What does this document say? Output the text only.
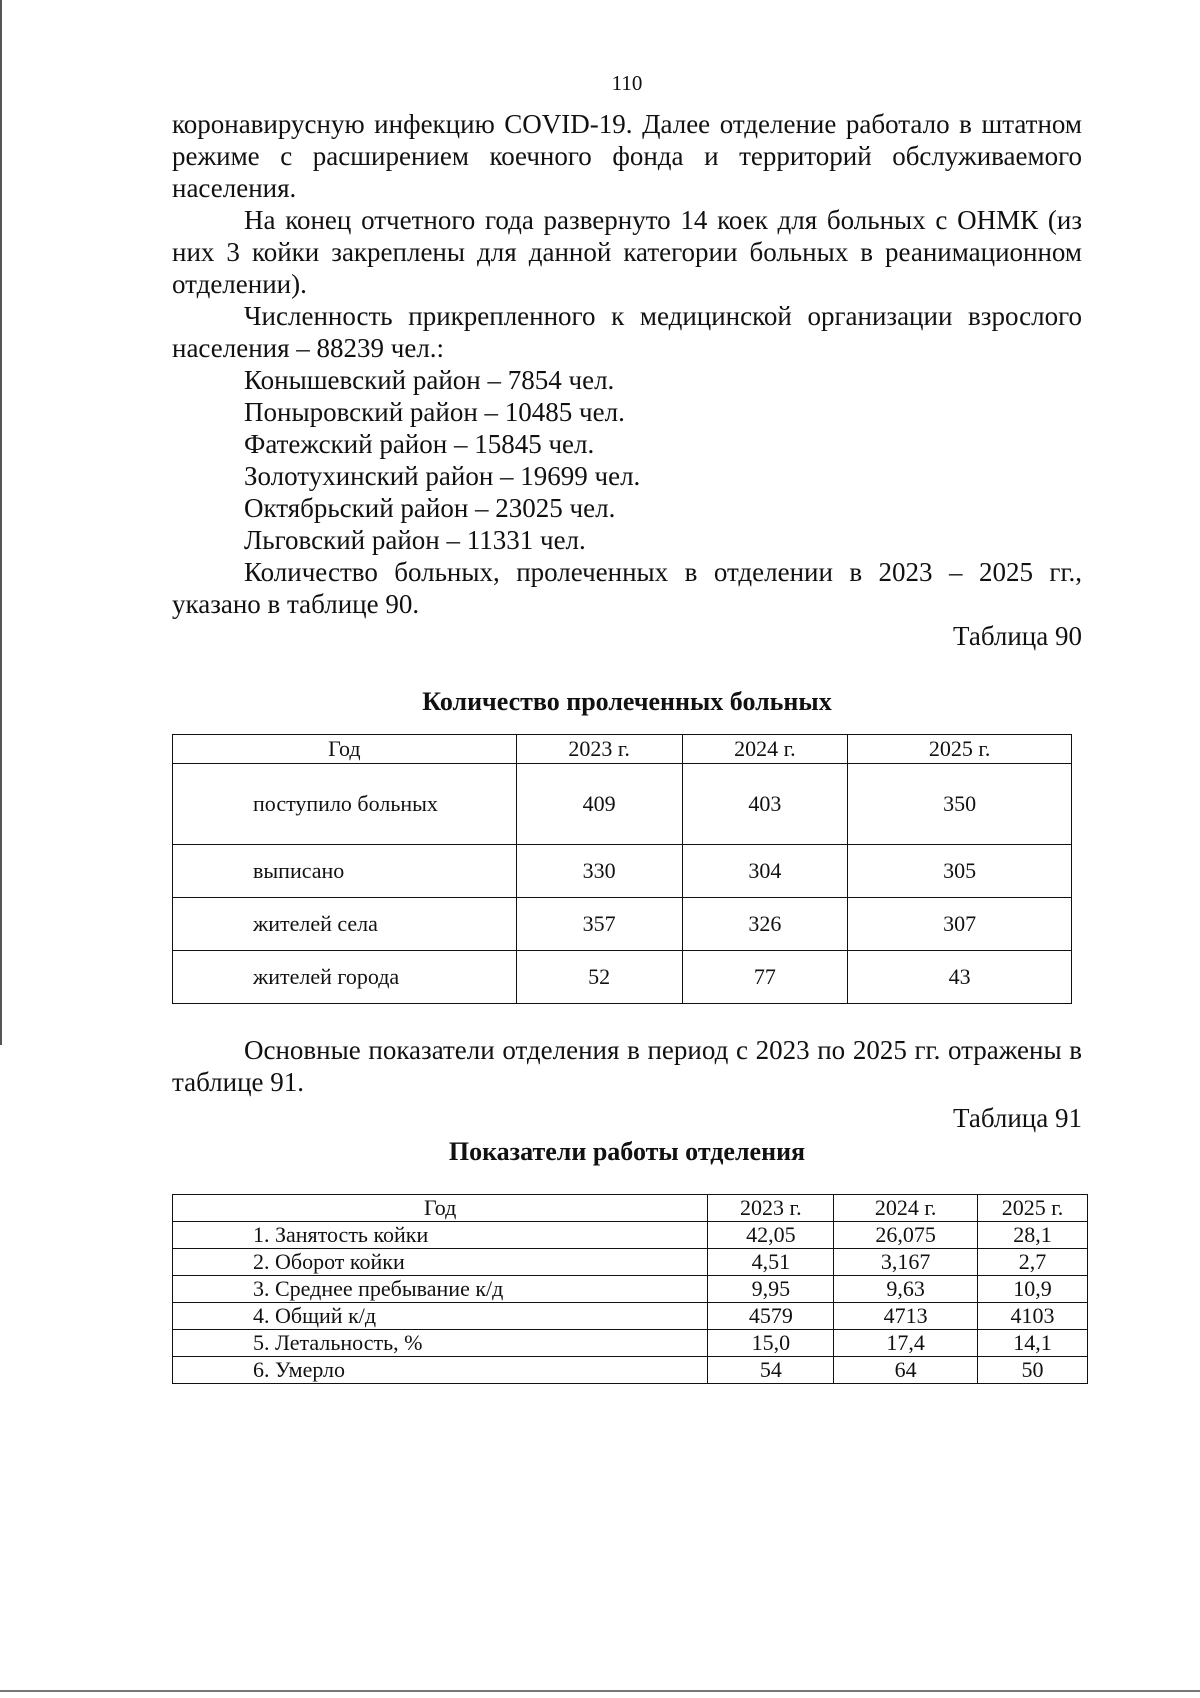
110

коронавирусную инфекцию COVID-19. Далее отделение работало в штатном режиме с расширением коечного фонда и территорий обслуживаемого населения.

На конец отчетного года развернуто 14 коек для больных с ОНМК (из них 3 койки закреплены для данной категории больных в реанимационном отделении).

Численность прикрепленного к медицинской организации взрослого населения – 88239 чел.:

Конышевский район – 7854 чел.
Поныровский район – 10485 чел.
Фатежский район – 15845 чел.
Золотухинский район – 19699 чел.
Октябрьский район – 23025 чел.
Льговский район – 11331 чел.

Количество больных, пролеченных в отделении в 2023 – 2025 гг., указано в таблице 90.

Таблица 90

Количество пролеченных больных

Год	2023 г.	2024 г.	2025 г.
поступило больных	409	403	350
выписано	330	304	305
жителей села	357	326	307
жителей города	52	77	43

Основные показатели отделения в период с 2023 по 2025 гг. отражены в таблице 91.

Таблица 91

Показатели работы отделения

Год	2023 г.	2024 г.	2025 г.
1. Занятость койки	42,05	26,075	28,1
2. Оборот койки	4,51	3,167	2,7
3. Среднее пребывание к/д	9,95	9,63	10,9
4. Общий к/д	4579	4713	4103
5. Летальность, %	15,0	17,4	14,1
6. Умерло	54	64	50
